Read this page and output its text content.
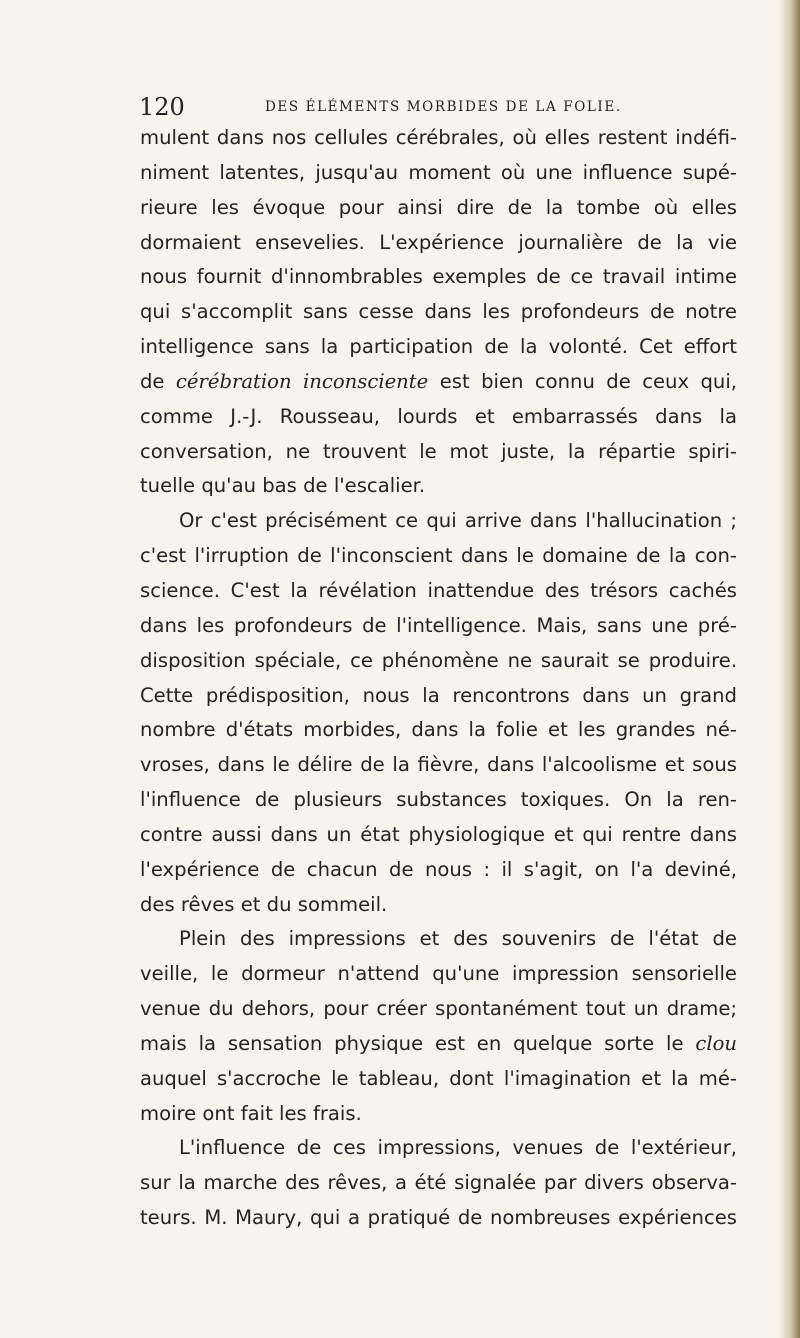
120	DES ÉLÉMENTS MORBIDES DE LA FOLIE.
mulent dans nos cellules cérébrales, où elles restent indéfi-
niment latentes, jusqu'au moment où une influence supé-
rieure les évoque pour ainsi dire de la tombe où elles
dormaient ensevelies. L'expérience journalière de la vie
nous fournit d'innombrables exemples de ce travail intime
qui s'accomplit sans cesse dans les profondeurs de notre
intelligence sans la participation de la volonté. Cet effort
de cérébration inconsciente est bien connu de ceux qui,
comme J.-J. Rousseau, lourds et embarrassés dans la
conversation, ne trouvent le mot juste, la répartie spiri-
tuelle qu'au bas de l'escalier.
Or c'est précisément ce qui arrive dans l'hallucination ;
c'est l'irruption de l'inconscient dans le domaine de la con-
science. C'est la révélation inattendue des trésors cachés
dans les profondeurs de l'intelligence. Mais, sans une pré-
disposition spéciale, ce phénomène ne saurait se produire.
Cette prédisposition, nous la rencontrons dans un grand
nombre d'états morbides, dans la folie et les grandes né-
vroses, dans le délire de la fièvre, dans l'alcoolisme et sous
l'influence de plusieurs substances toxiques. On la ren-
contre aussi dans un état physiologique et qui rentre dans
l'expérience de chacun de nous : il s'agit, on l'a deviné,
des rêves et du sommeil.
Plein des impressions et des souvenirs de l'état de
veille, le dormeur n'attend qu'une impression sensorielle
venue du dehors, pour créer spontanément tout un drame;
mais la sensation physique est en quelque sorte le clou
auquel s'accroche le tableau, dont l'imagination et la mé-
moire ont fait les frais.
L'influence de ces impressions, venues de l'extérieur,
sur la marche des rêves, a été signalée par divers observa-
teurs. M. Maury, qui a pratiqué de nombreuses expériences
